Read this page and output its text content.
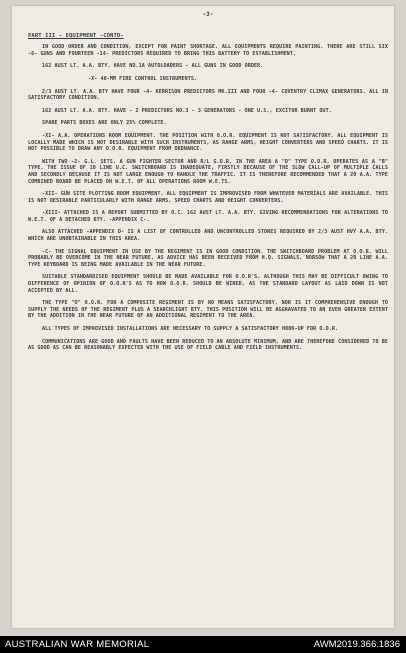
-3-
PART III - EQUIPMENT -CONTD-

IN GOOD ORDER AND CONDITION, EXCEPT FOR PAINT SHORTAGE. ALL EQUIPMENTS REQUIRE PAINTING. THERE ARE STILL SIX -6- GUNS AND FOURTEEN -14- PREDICTORS REQUIRED TO BRING THIS BATTERY TO ESTABLISHMENT.

162 AUST LT. A.A. BTY. HAVE NO.1A AUTOLOADERS - ALL GUNS IN GOOD ORDER.

-X- 40-MM FIRE CONTROL INSTRUMENTS.

2/3 AUST LT. A.A. BTY HAVE FOUR -4- KERRISON PREDICTORS MK.III AND FOUR -4- COVENTRY CLIMAX GENERATORS. ALL IN SATISFACTORY CONDITION.

162 AUST LT. A.A. BTY. HAVE - 2 PREDICTORS NO.3 - 3 GENERATORS - ONE U.S., EXCITOR BURNT OUT.

SPARE PARTS BOXES ARE ONLY 25% COMPLETE.

-XI- A.A. OPERATIONS ROOM EQUIPMENT. THE POSITION WITH O.O.R. EQUIPMENT IS NOT SATISFACTORY. ALL EQUIPMENT IS LOCALLY MADE WHICH IS NOT DESIRABLE WITH SUCH INSTRUMENTS, AS RANGE ARMS, HEIGHT CONVERTERS AND SPEED CHARTS. IT IS NOT POSSIBLE TO DRAW ANY O.O.R. EQUIPMENT FROM ORDNANCE.

WITH TWO -2- G.L. SETS, A GUN FIGHTER SECTOR AND R/L G.O.R. IN THE AREA A "D" TYPE O.O.R. OPERATES AS A "B" TYPE. THE ISSUE OF 10 LINE U.C. SWITCHBOARD IS INADEQUATE, FIRSTLY BECAUSE OF THE SLOW CALL-UP OF MULTIPLE CALLS AND SECONDLY BECAUSE IT IS NOT LARGE ENOUGH TO HANDLE THE TRAFFIC. IT IS THEREFORE RECOMMENDED THAT A 20 A.A. TYPE COMBINED BOARD BE PLACED ON W.E.T. OF ALL OPERATIONS ROOM W.E.TS.

-XII- GUN SITE PLOTTING ROOM EQUIPMENT. ALL EQUIPMENT IS IMPROVISED FROM WHATEVER MATERIALS ARE AVAILABLE. THIS IS NOT DESIRABLE PARTICULARLY WITH RANGE ARMS, SPEED CHARTS AND HEIGHT CONVERTERS.

-XIII- ATTACHED IS A REPORT SUBMITTED BY O.C. 162 AUST LT. A.A. BTY. GIVING RECOMMENDATIONS FOR ALTERATIONS TO W.E.T. OF A DETACHED BTY. -APPENDIX C-.

ALSO ATTACHED -APPENDIX D- IS A LIST OF CONTROLLED AND UNCONTROLLED STORES REQUIRED BY 2/3 AUST HVY A.A. BTY. WHICH ARE UNOBTAINABLE IN THIS AREA.

-C- THE SIGNAL EQUIPMENT IN USE BY THE REGIMENT IS IN GOOD CONDITION. THE SWITCHBOARD PROBLEM AT O.O.R. WILL PROBABLY BE OVERCOME IN THE NEAR FUTURE, AS ADVICE HAS BEEN RECEIVED FROM H.Q. SIGNALS, NORSOW THAT A 20 LINE A.A. TYPE KEYBOARD IS BEING MADE AVAILABLE IN THE NEAR FUTURE.

SUITABLE STANDARDISED EQUIPMENT SHOULD BE MADE AVAILABLE FOR O.O.R'S, ALTHOUGH THIS MAY BE DIFFICULT OWING TO DIFFERENCE OF OPINION OF O.O.R'S AS TO HOW O.O.R. SHOULD BE WIRED, AS THE STANDARD LAYOUT AS LAID DOWN IS NOT ACCEPTED BY ALL.

THE TYPE "O" O.O.R. FOR A COMPOSITE REGIMENT IS BY NO MEANS SATISFACTORY, NOR IS IT COMPREHENSIVE ENOUGH TO SUPPLY THE NEEDS OF THE REGIMENT PLUS A SEARCHLIGHT BTY. THIS POSITION WILL BE AGGRAVATED TO AN EVEN GREATER EXTENT BY THE ADDITION IN THE NEAR FUTURE OF AN ADDITIONAL REGIMENT TO THE AREA.

ALL TYPES OF IMPROVISED INSTALLATIONS ARE NECESSARY TO SUPPLY A SATISFACTORY HOOK-UP FOR O.O.R.

COMMUNICATIONS ARE GOOD AND FAULTS HAVE BEEN REDUCED TO AN ABSOLUTE MINIMUM, AND ARE THEREFORE CONSIDERED TO BE AS GOOD AS CAN BE REASONABLY EXPECTED WITH THE USE OF FIELD CABLE AND FIELD INSTRUMENTS.

AUSTRALIAN WAR MEMORIAL	AWM2019.366.1836
